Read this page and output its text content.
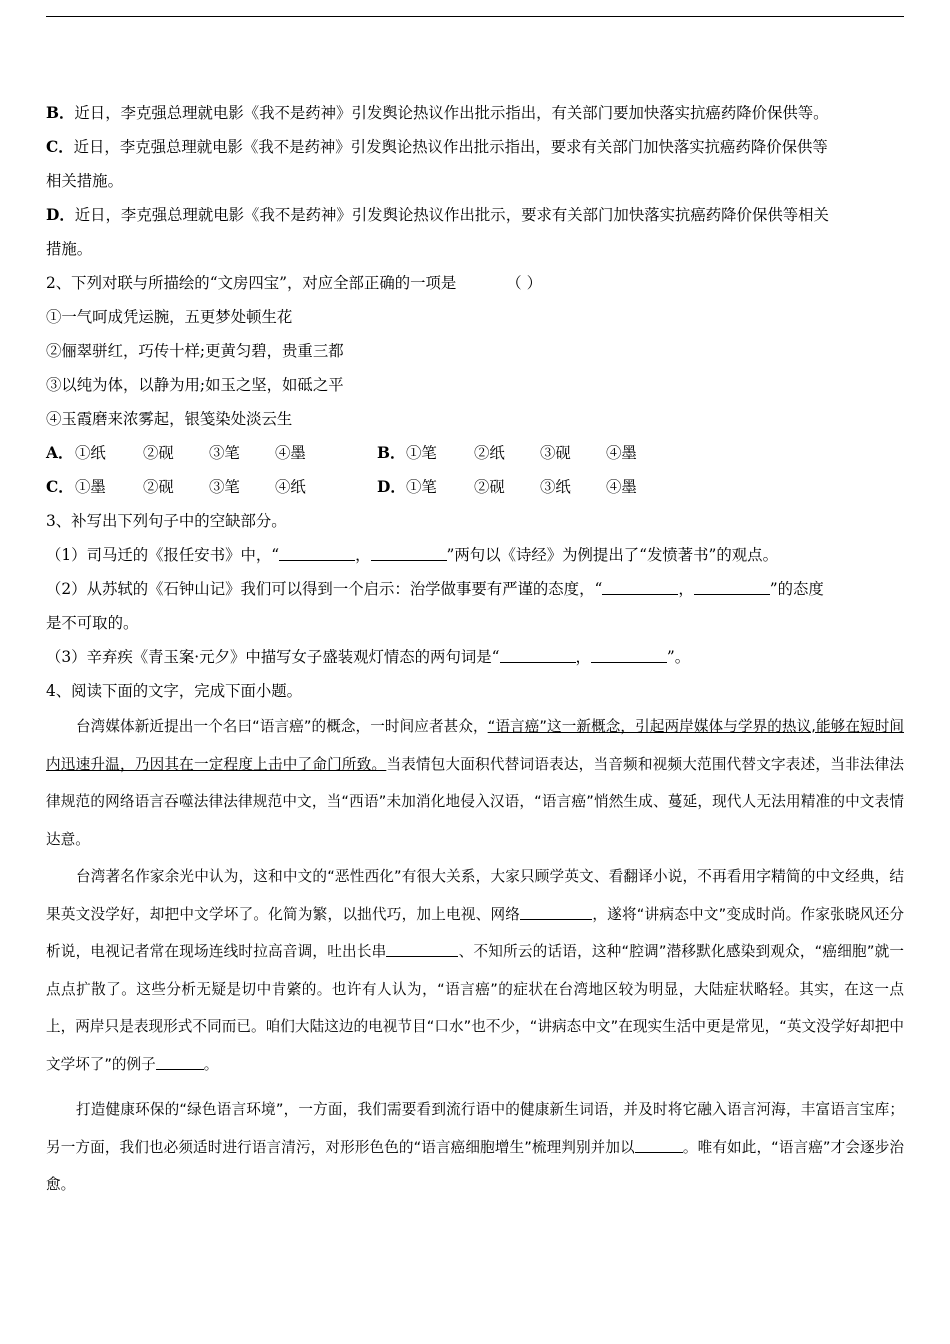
B．近日，李克强总理就电影《我不是药神》引发舆论热议作出批示指出，有关部门要加快落实抗癌药降价保供等。
C．近日，李克强总理就电影《我不是药神》引发舆论热议作出批示指出，要求有关部门加快落实抗癌药降价保供等
相关措施。
D．近日，李克强总理就电影《我不是药神》引发舆论热议作出批示，要求有关部门加快落实抗癌药降价保供等相关
措施。
2、下列对联与所描绘的“文房四宝”，对应全部正确的一项是	（ ）
①一气呵成凭运腕，五更梦处顿生花
②俪翠骈红，巧传十样;更黄匀碧，贵重三都
③以纯为体，以静为用;如玉之坚，如砥之平
④玉霞磨来浓雾起，银笺染处淡云生
A． ①纸	②砚	③笔	④墨	B． ①笔	②纸	③砚	④墨
C． ①墨	②砚	③笔	④纸	D． ①笔	②砚	③纸	④墨
3、补写出下列句子中的空缺部分。
（1）司马迁的《报任安书》中，“	，	”两句以《诗经》为例提出了“发愤著书”的观点。
（2）从苏轼的《石钟山记》我们可以得到一个启示：治学做事要有严谨的态度，“	，	”的态度
是不可取的。
（3）辛弃疾《青玉案·元夕》中描写女子盛装观灯情态的两句词是“	，	”。
4、阅读下面的文字，完成下面小题。

台湾媒体新近提出一个名曰“语言癌”的概念，一时间应者甚众，“语言癌”这一新概念，引起两岸媒体与学界的热议,能够在短时间内迅速升温，乃因其在一定程度上击中了命门所致。当表情包大面积代替词语表达，当音频和视频大范围代替文字表述，当非法律法律规范的网络语言吞噬法律法律规范中文，当“西语”未加消化地侵入汉语，“语言癌”悄然生成、蔓延，现代人无法用精准的中文表情达意。

台湾著名作家余光中认为，这和中文的“恶性西化”有很大关系，大家只顾学英文、看翻译小说，不再看用字精简的中文经典，结果英文没学好，却把中文学坏了。化简为繁，以拙代巧，加上电视、网络	，遂将“讲病态中文”变成时尚。作家张晓风还分析说，电视记者常在现场连线时拉高音调，吐出长串	、不知所云的话语，这种“腔调”潜移默化感染到观众，“癌细胞”就一点点扩散了。这些分析无疑是切中肯綮的。也许有人认为，“语言癌”的症状在台湾地区较为明显，大陆症状略轻。其实，在这一点上，两岸只是表现形式不同而已。咱们大陆这边的电视节目“口水”也不少，“讲病态中文”在现实生活中更是常见，“英文没学好却把中文学坏了”的例子	。

打造健康环保的“绿色语言环境”，一方面，我们需要看到流行语中的健康新生词语，并及时将它融入语言河海，丰富语言宝库；另一方面，我们也必须适时进行语言清污，对形形色色的“语言癌细胞增生”梳理判别并加以	。唯有如此，“语言癌”才会逐步治愈。
